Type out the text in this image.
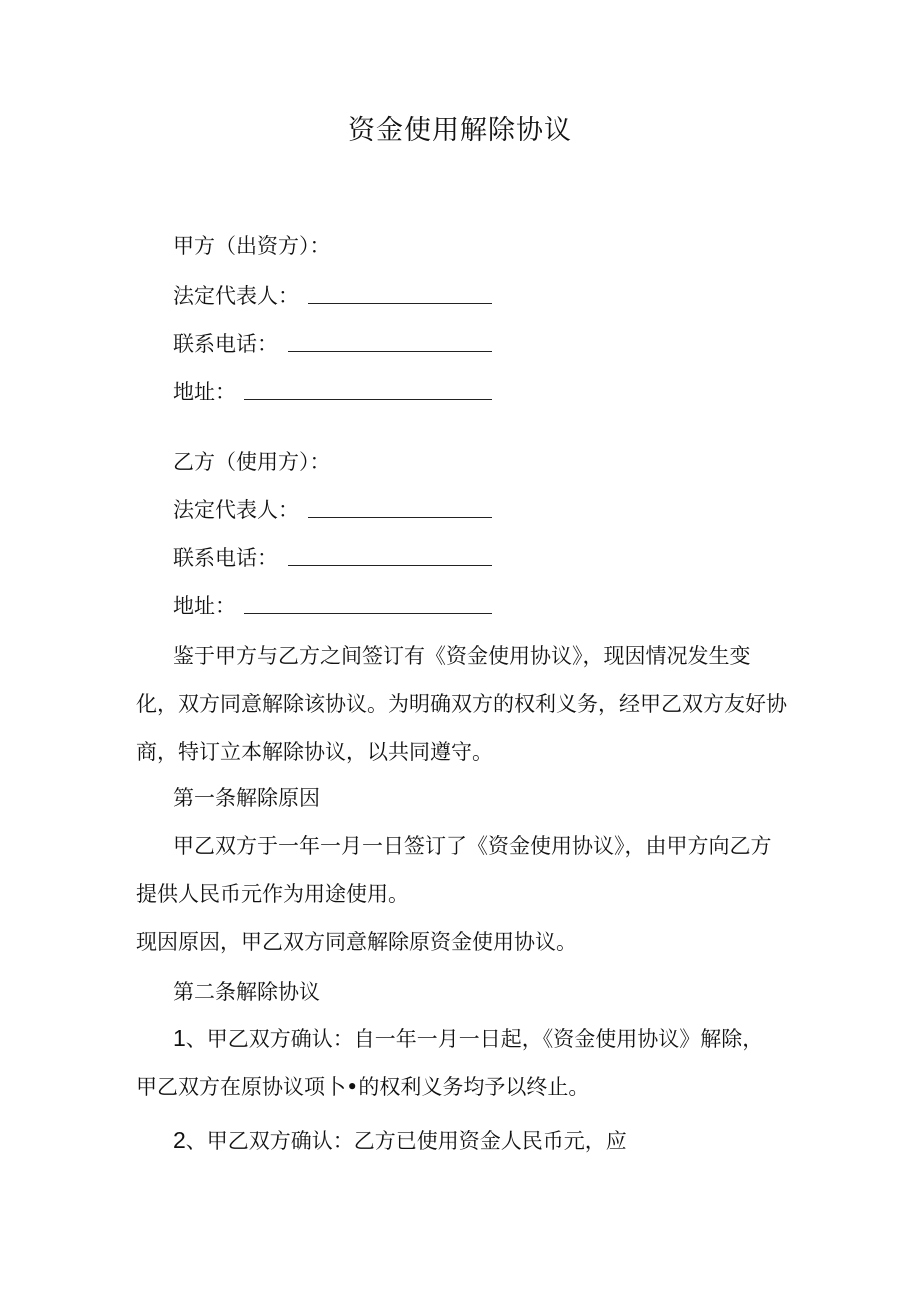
资金使用解除协议
甲方（出资方）：
法定代表人：
联系电话：
地址：
乙方（使用方）：
法定代表人：
联系电话：
地址：
鉴于甲方与乙方之间签订有《资金使用协议》，现因情况发生变化，双方同意解除该协议。为明确双方的权利义务，经甲乙双方友好协商，特订立本解除协议，以共同遵守。
第一条解除原因
甲乙双方于一年一月一日签订了《资金使用协议》，由甲方向乙方提供人民币元作为用途使用。
现因原因，甲乙双方同意解除原资金使用协议。
第二条解除协议
1、甲乙双方确认：自一年一月一日起，《资金使用协议》解除，甲乙双方在原协议项卜•的权利义务均予以终止。
2、甲乙双方确认：乙方已使用资金人民币元，应
